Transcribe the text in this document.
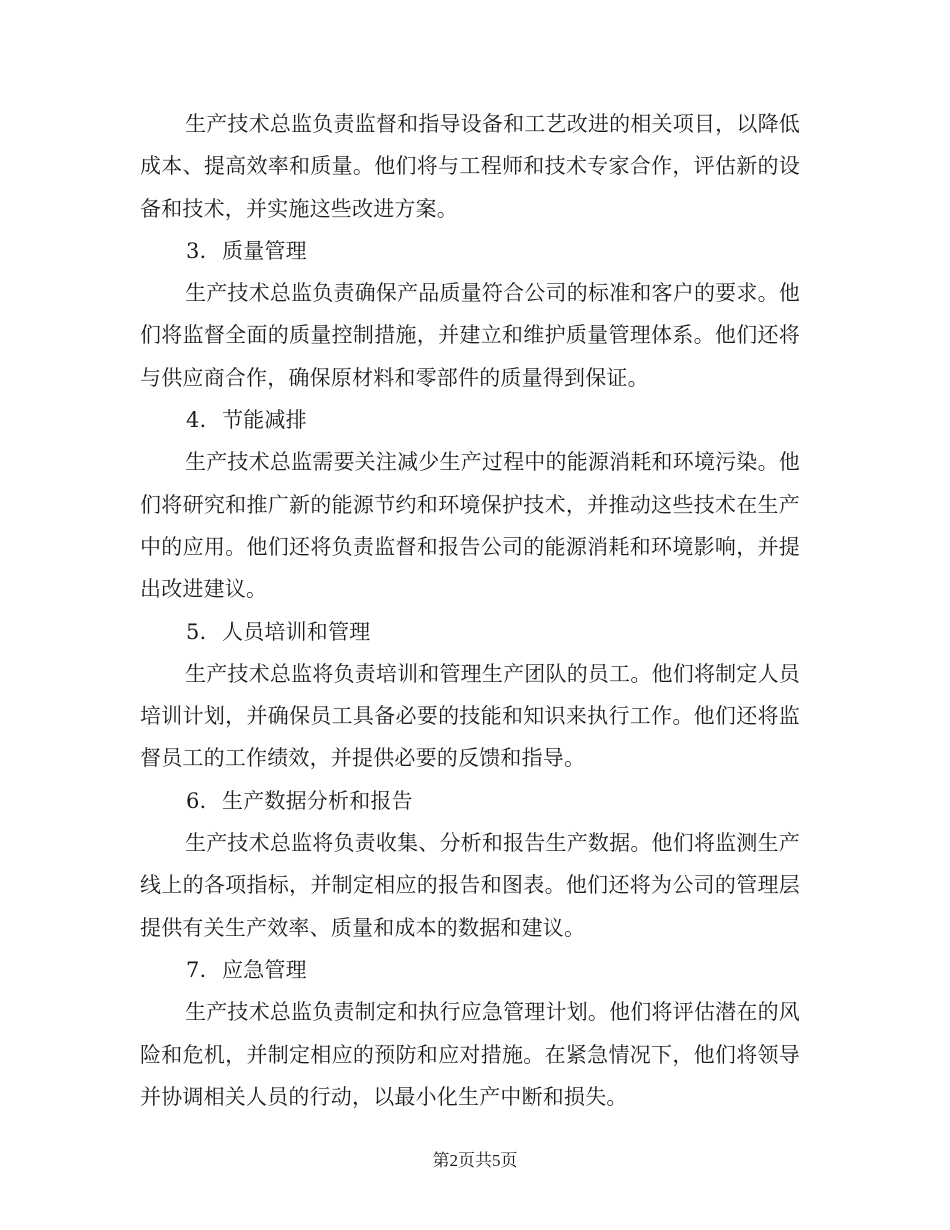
生产技术总监负责监督和指导设备和工艺改进的相关项目，以降低成本、提高效率和质量。他们将与工程师和技术专家合作，评估新的设备和技术，并实施这些改进方案。

3. 质量管理

生产技术总监负责确保产品质量符合公司的标准和客户的要求。他们将监督全面的质量控制措施，并建立和维护质量管理体系。他们还将与供应商合作，确保原材料和零部件的质量得到保证。

4. 节能减排

生产技术总监需要关注减少生产过程中的能源消耗和环境污染。他们将研究和推广新的能源节约和环境保护技术，并推动这些技术在生产中的应用。他们还将负责监督和报告公司的能源消耗和环境影响，并提出改进建议。

5. 人员培训和管理

生产技术总监将负责培训和管理生产团队的员工。他们将制定人员培训计划，并确保员工具备必要的技能和知识来执行工作。他们还将监督员工的工作绩效，并提供必要的反馈和指导。

6. 生产数据分析和报告

生产技术总监将负责收集、分析和报告生产数据。他们将监测生产线上的各项指标，并制定相应的报告和图表。他们还将为公司的管理层提供有关生产效率、质量和成本的数据和建议。

7. 应急管理

生产技术总监负责制定和执行应急管理计划。他们将评估潜在的风险和危机，并制定相应的预防和应对措施。在紧急情况下，他们将领导并协调相关人员的行动，以最小化生产中断和损失。

第2页共5页
